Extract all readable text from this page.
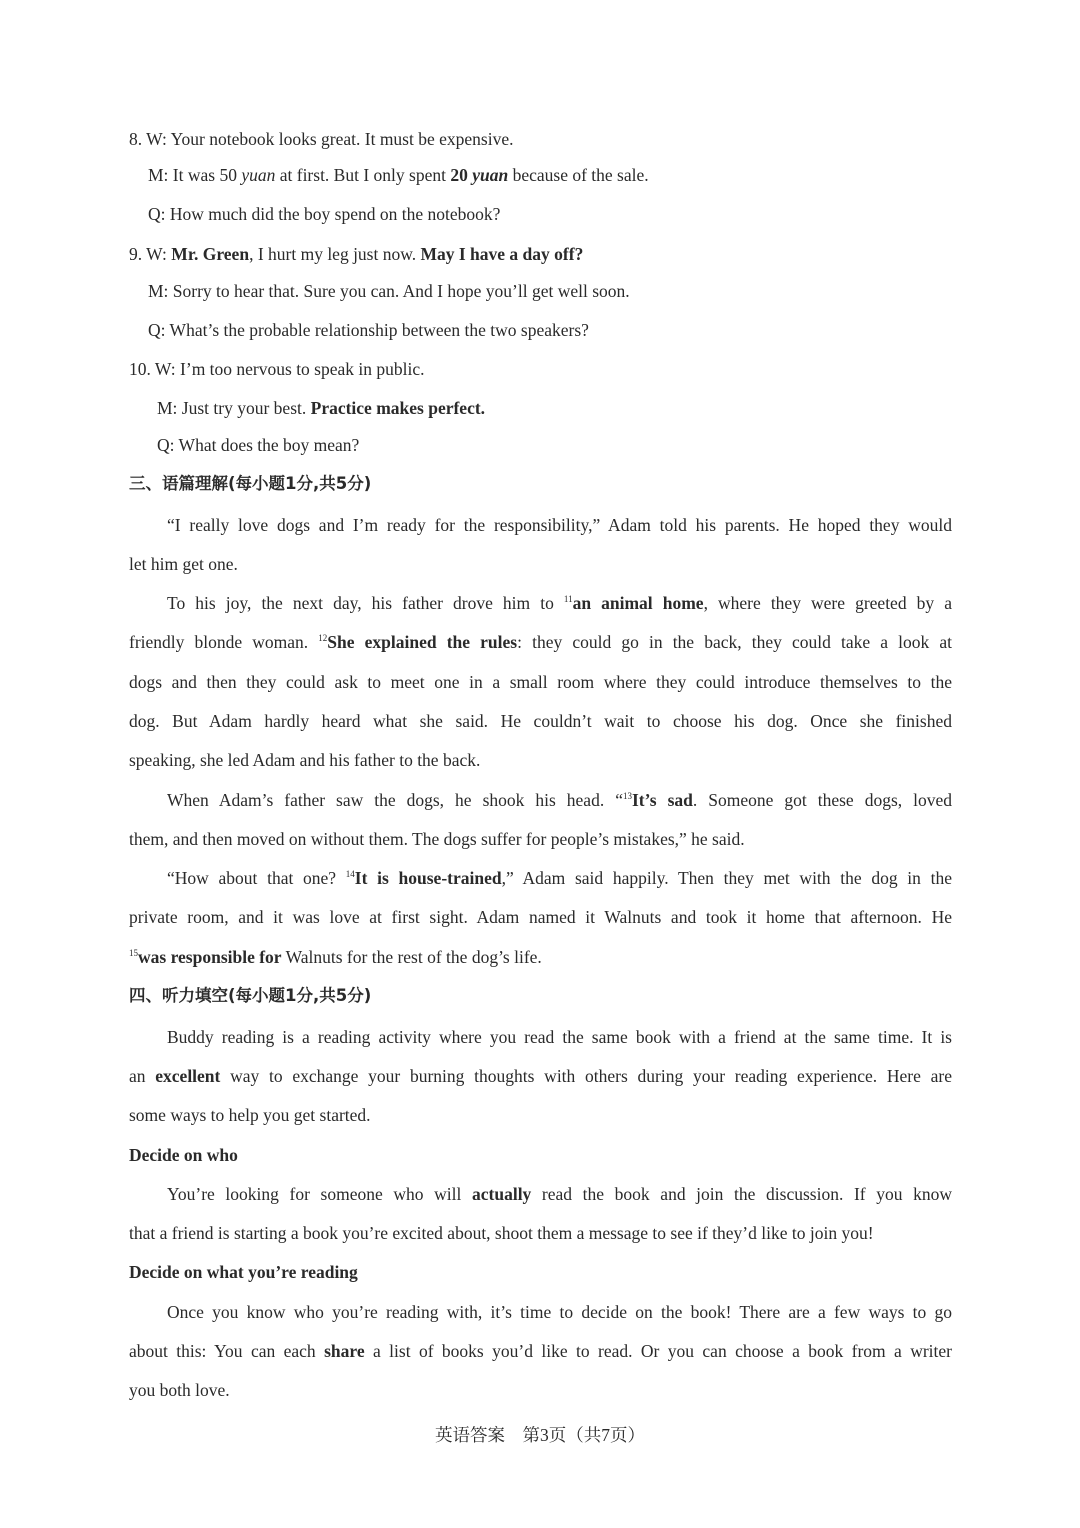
8. W: Your notebook looks great. It must be expensive.
M: It was 50 yuan at first. But I only spent 20 yuan because of the sale.
Q: How much did the boy spend on the notebook?
9. W: Mr. Green, I hurt my leg just now. May I have a day off?
M: Sorry to hear that. Sure you can. And I hope you’ll get well soon.
Q: What’s the probable relationship between the two speakers?
10. W: I’m too nervous to speak in public.
M: Just try your best. Practice makes perfect.
Q: What does the boy mean?
三、语篇理解(每小题1分,共5分)
“I really love dogs and I’m ready for the responsibility,” Adam told his parents. He hoped they would
let him get one.
To his joy, the next day, his father drove him to $^{11}$an animal home, where they were greeted by a
friendly blonde woman. $^{12}$She explained the rules: they could go in the back, they could take a look at
dogs and then they could ask to meet one in a small room where they could introduce themselves to the
dog. But Adam hardly heard what she said. He couldn’t wait to choose his dog. Once she finished
speaking, she led Adam and his father to the back.
When Adam’s father saw the dogs, he shook his head. “$^{13}$It’s sad. Someone got these dogs, loved
them, and then moved on without them. The dogs suffer for people’s mistakes,” he said.
“How about that one? $^{14}$It is house-trained,” Adam said happily. Then they met with the dog in the
private room, and it was love at first sight. Adam named it Walnuts and took it home that afternoon. He
$^{15}$was responsible for Walnuts for the rest of the dog’s life.
四、听力填空(每小题1分,共5分)
Buddy reading is a reading activity where you read the same book with a friend at the same time. It is
an excellent way to exchange your burning thoughts with others during your reading experience. Here are
some ways to help you get started.
Decide on who
You’re looking for someone who will actually read the book and join the discussion. If you know
that a friend is starting a book you’re excited about, shoot them a message to see if they’d like to join you!
Decide on what you’re reading
Once you know who you’re reading with, it’s time to decide on the book! There are a few ways to go
about this: You can each share a list of books you’d like to read. Or you can choose a book from a writer
you both love.
英语答案　第3页（共7页）
